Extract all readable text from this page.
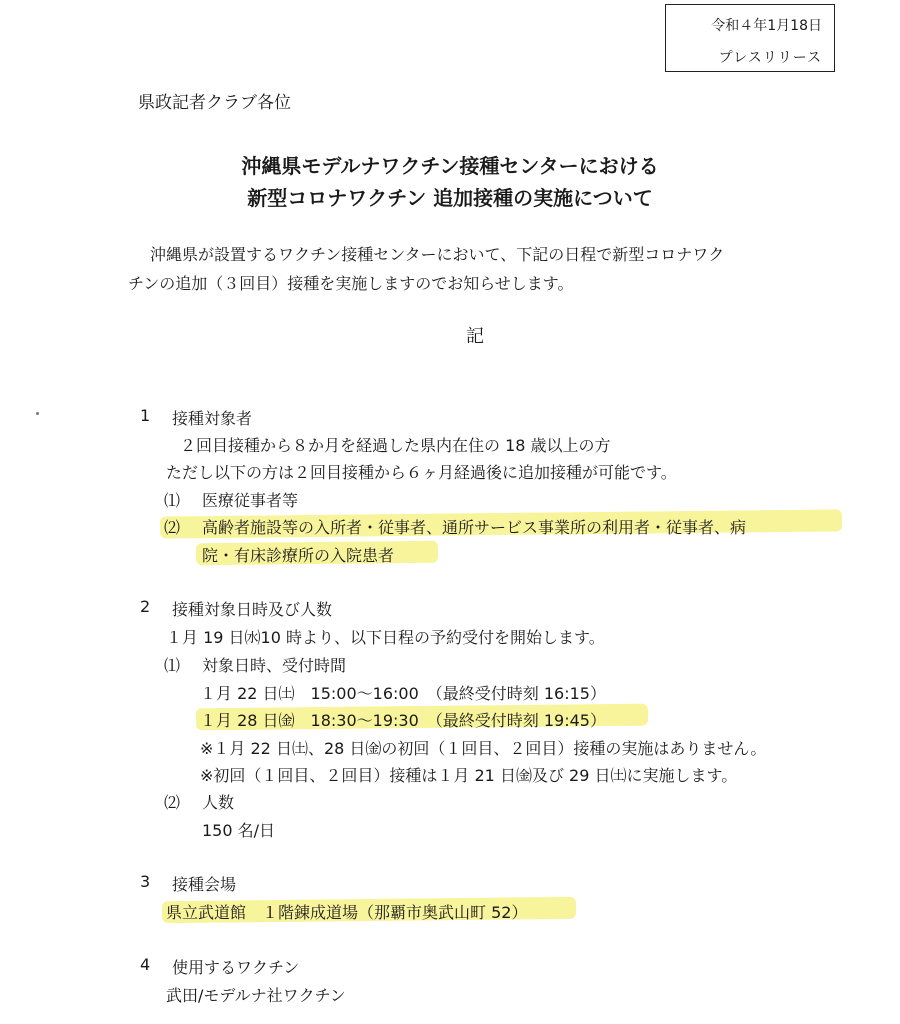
令和４年1月18日
プレスリリース
県政記者クラブ各位
沖縄県モデルナワクチン接種センターにおける
新型コロナワクチン 追加接種の実施について
沖縄県が設置するワクチン接種センターにおいて、下記の日程で新型コロナワク
チンの追加（３回目）接種を実施しますのでお知らせします。
記
1 接種対象者
２回目接種から８か月を経過した県内在住の 18 歳以上の方
ただし以下の方は２回目接種から６ヶ月経過後に追加接種が可能です。
⑴ 医療従事者等
⑵ 高齢者施設等の入所者・従事者、通所サービス事業所の利用者・従事者、病
院・有床診療所の入院患者
2 接種対象日時及び人数
１月 19 日㈬10 時より、以下日程の予約受付を開始します。
⑴ 対象日時、受付時間
１月 22 日㈯　15:00～16:00　（最終受付時刻 16:15）
１月 28 日㈮　18:30～19:30　（最終受付時刻 19:45）
※１月 22 日㈯、28 日㈮の初回（１回目、２回目）接種の実施はありません。
※初回（１回目、２回目）接種は１月 21 日㈮及び 29 日㈯に実施します。
⑵ 人数
150 名/日
3 接種会場
県立武道館　１階錬成道場（那覇市奥武山町 52）
4 使用するワクチン
武田/モデルナ社ワクチン
